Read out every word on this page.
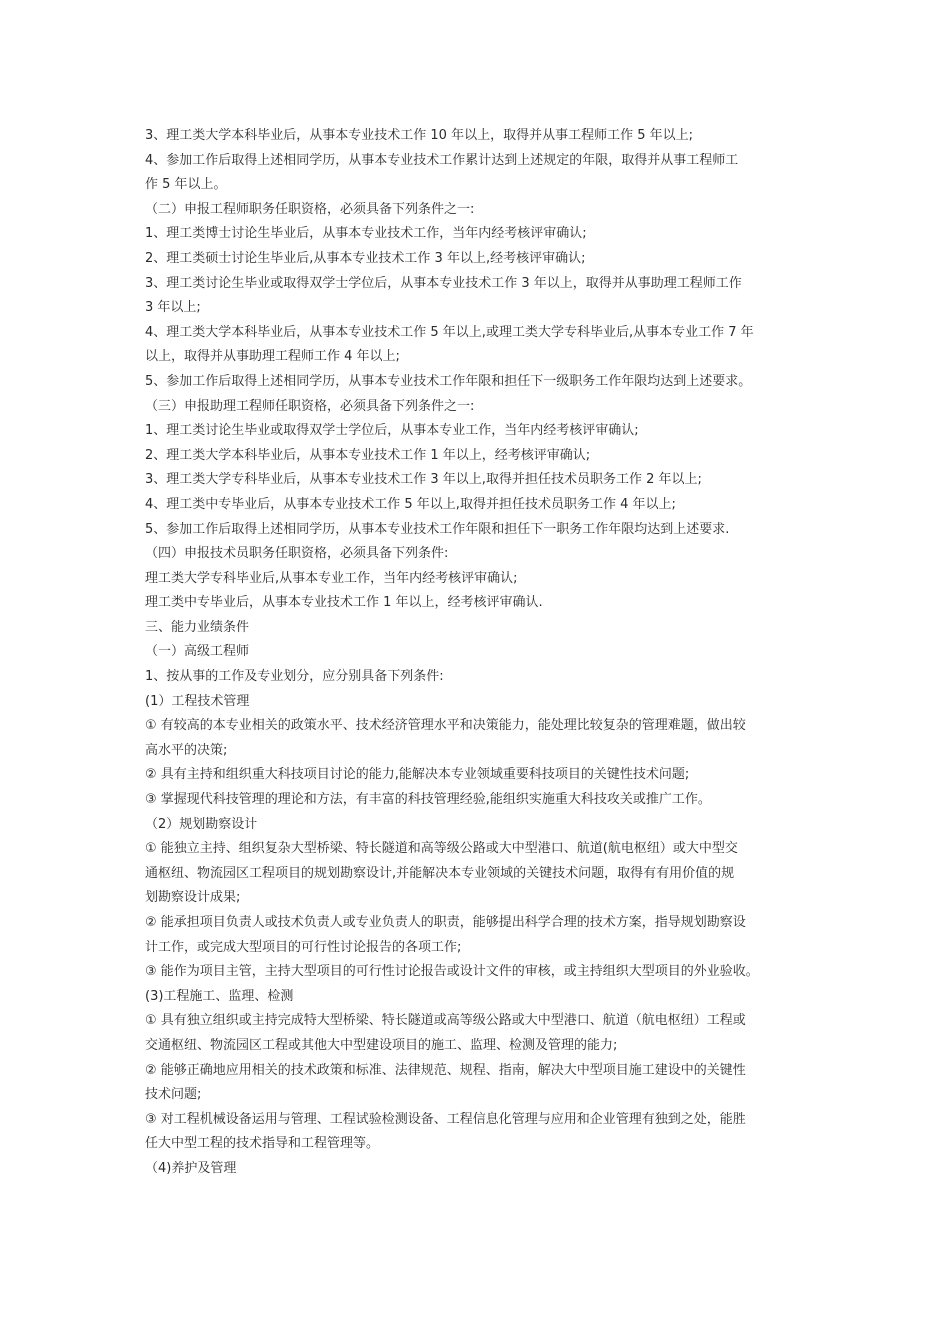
3、理工类大学本科毕业后，从事本专业技术工作 10 年以上，取得并从事工程师工作 5 年以上;
4、参加工作后取得上述相同学历，从事本专业技术工作累计达到上述规定的年限，取得并从事工程师工
作 5 年以上。
（二）申报工程师职务任职资格，必须具备下列条件之一:
1、理工类博士讨论生毕业后，从事本专业技术工作，当年内经考核评审确认;
2、理工类硕士讨论生毕业后,从事本专业技术工作 3 年以上,经考核评审确认;
3、理工类讨论生毕业或取得双学士学位后，从事本专业技术工作 3 年以上，取得并从事助理工程师工作
3 年以上;
4、理工类大学本科毕业后，从事本专业技术工作 5 年以上,或理工类大学专科毕业后,从事本专业工作 7 年
以上，取得并从事助理工程师工作 4 年以上;
5、参加工作后取得上述相同学历，从事本专业技术工作年限和担任下一级职务工作年限均达到上述要求。
（三）申报助理工程师任职资格，必须具备下列条件之一:
1、理工类讨论生毕业或取得双学士学位后，从事本专业工作，当年内经考核评审确认;
2、理工类大学本科毕业后，从事本专业技术工作 1 年以上，经考核评审确认;
3、理工类大学专科毕业后，从事本专业技术工作 3 年以上,取得并担任技术员职务工作 2 年以上;
4、理工类中专毕业后，从事本专业技术工作 5 年以上,取得并担任技术员职务工作 4 年以上;
5、参加工作后取得上述相同学历，从事本专业技术工作年限和担任下一职务工作年限均达到上述要求.
（四）申报技术员职务任职资格，必须具备下列条件:
理工类大学专科毕业后,从事本专业工作，当年内经考核评审确认;
理工类中专毕业后，从事本专业技术工作 1 年以上，经考核评审确认.
三、能力业绩条件
（一）高级工程师
1、按从事的工作及专业划分，应分别具备下列条件:
(1）工程技术管理
① 有较高的本专业相关的政策水平、技术经济管理水平和决策能力，能处理比较复杂的管理难题，做出较
高水平的决策;
② 具有主持和组织重大科技项目讨论的能力,能解决本专业领域重要科技项目的关键性技术问题;
③ 掌握现代科技管理的理论和方法，有丰富的科技管理经验,能组织实施重大科技攻关或推广工作。
（2）规划勘察设计
① 能独立主持、组织复杂大型桥梁、特长隧道和高等级公路或大中型港口、航道(航电枢纽）或大中型交
通枢纽、物流园区工程项目的规划勘察设计,并能解决本专业领域的关键技术问题，取得有有用价值的规
划勘察设计成果;
② 能承担项目负责人或技术负责人或专业负责人的职责，能够提出科学合理的技术方案，指导规划勘察设
计工作，或完成大型项目的可行性讨论报告的各项工作;
③ 能作为项目主管，主持大型项目的可行性讨论报告或设计文件的审核，或主持组织大型项目的外业验收。
(3)工程施工、监理、检测
① 具有独立组织或主持完成特大型桥梁、特长隧道或高等级公路或大中型港口、航道（航电枢纽）工程或
交通枢纽、物流园区工程或其他大中型建设项目的施工、监理、检测及管理的能力;
② 能够正确地应用相关的技术政策和标准、法律规范、规程、指南，解决大中型项目施工建设中的关键性
技术问题;
③ 对工程机械设备运用与管理、工程试验检测设备、工程信息化管理与应用和企业管理有独到之处，能胜
任大中型工程的技术指导和工程管理等。
（4)养护及管理
